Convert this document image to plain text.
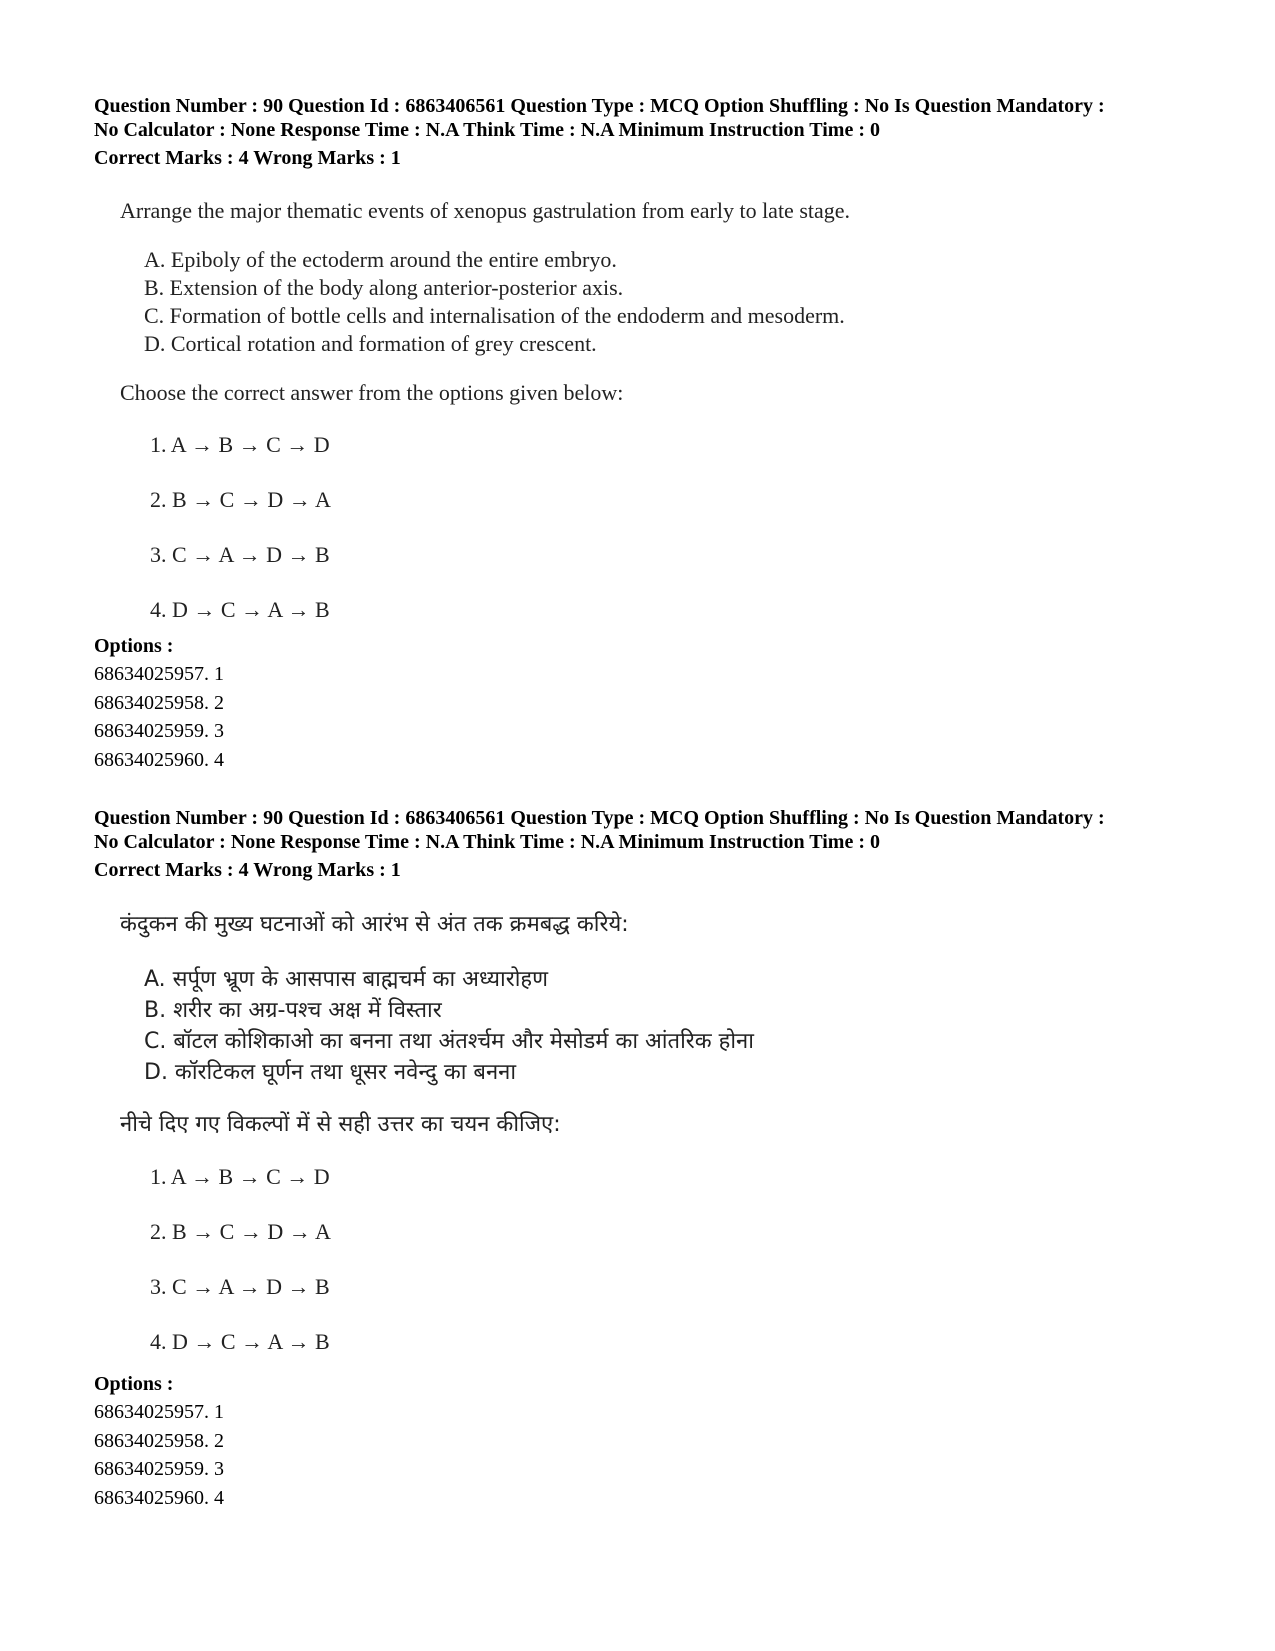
Question Number : 90 Question Id : 6863406561 Question Type : MCQ Option Shuffling : No Is Question Mandatory :
No Calculator : None Response Time : N.A Think Time : N.A Minimum Instruction Time : 0
Correct Marks : 4 Wrong Marks : 1
Arrange the major thematic events of xenopus gastrulation from early to late stage.
A. Epiboly of the ectoderm around the entire embryo.
B. Extension of the body along anterior-posterior axis.
C. Formation of bottle cells and internalisation of the endoderm and mesoderm.
D. Cortical rotation and formation of grey crescent.
Choose the correct answer from the options given below:
1. A → B → C → D
2. B → C → D → A
3. C → A → D → B
4. D → C → A → B
Options :
68634025957. 1
68634025958. 2
68634025959. 3
68634025960. 4
Question Number : 90 Question Id : 6863406561 Question Type : MCQ Option Shuffling : No Is Question Mandatory :
No Calculator : None Response Time : N.A Think Time : N.A Minimum Instruction Time : 0
Correct Marks : 4 Wrong Marks : 1
कंदुकन की मुख्य घटनाओं को आरंभ से अंत तक क्रमबद्ध करिये:
A. सर्पूण भ्रूण के आसपास बाह्मचर्म का अध्यारोहण
B. शरीर का अग्र-पश्च अक्ष में विस्तार
C. बॉटल कोशिकाओ का बनना तथा अंतर्श्चम और मेसोडर्म का आंतरिक होना
D. कॉरटिकल घूर्णन तथा धूसर नवेन्दु का बनना
नीचे दिए गए विकल्पों में से सही उत्तर का चयन कीजिए:
1. A → B → C → D
2. B → C → D → A
3. C → A → D → B
4. D → C → A → B
Options :
68634025957. 1
68634025958. 2
68634025959. 3
68634025960. 4
